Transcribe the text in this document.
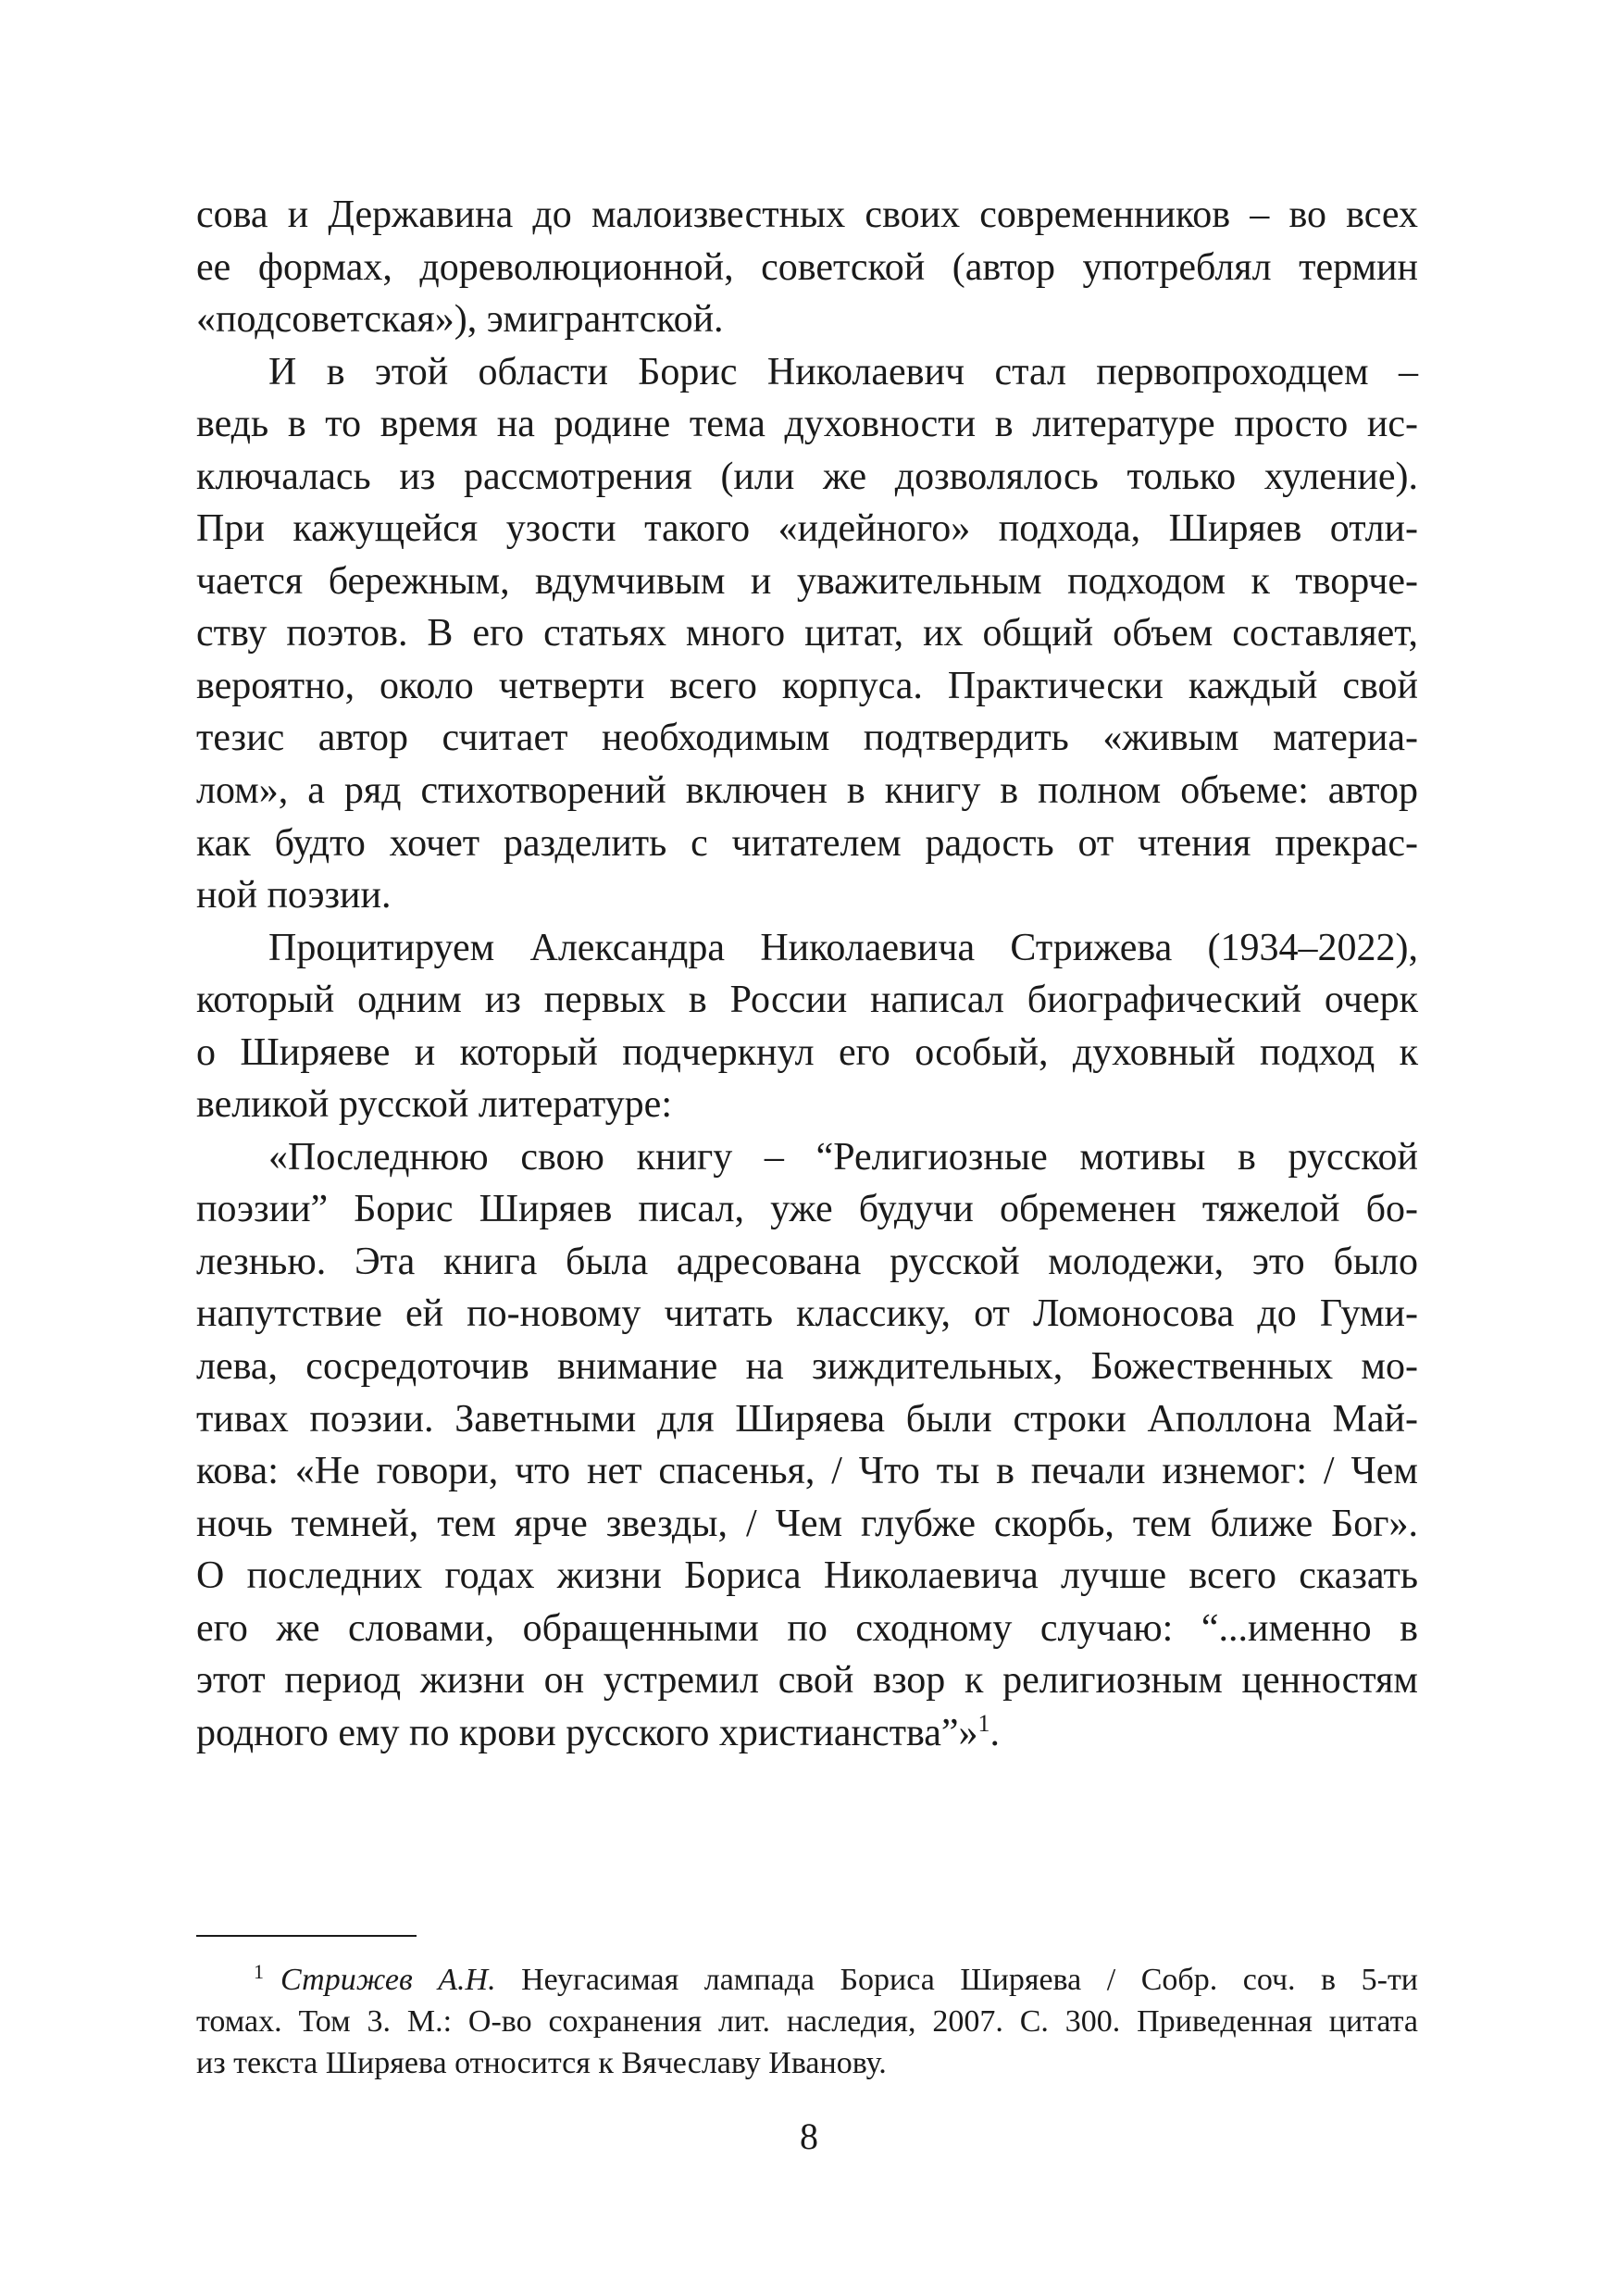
сова и Державина до малоизвестных своих современников – во всех
ее формах, дореволюционной, советской (автор употреблял термин
«подсоветская»), эмигрантской.
И в этой области Борис Николаевич стал первопроходцем –
ведь в то время на родине тема духовности в литературе просто ис-
ключалась из рассмотрения (или же дозволялось только хуление).
При кажущейся узости такого «идейного» подхода, Ширяев отли-
чается бережным, вдумчивым и уважительным подходом к творче-
ству поэтов. В его статьях много цитат, их общий объем составляет,
вероятно, около четверти всего корпуса. Практически каждый свой
тезис автор считает необходимым подтвердить «живым материа-
лом», а ряд стихотворений включен в книгу в полном объеме: автор
как будто хочет разделить с читателем радость от чтения прекрас-
ной поэзии.
Процитируем Александра Николаевича Стрижева (1934–2022),
который одним из первых в России написал биографический очерк
о Ширяеве и который подчеркнул его особый, духовный подход к
великой русской литературе:
«Последнюю свою книгу – “Религиозные мотивы в русской
поэзии” Борис Ширяев писал, уже будучи обременен тяжелой бо-
лезнью. Эта книга была адресована русской молодежи, это было
напутствие ей по-новому читать классику, от Ломоносова до Гуми-
лева, сосредоточив внимание на зиждительных, Божественных мо-
тивах поэзии. Заветными для Ширяева были строки Аполлона Май-
кова: «Не говори, что нет спасенья, / Что ты в печали изнемог: / Чем
ночь темней, тем ярче звезды, / Чем глубже скорбь, тем ближе Бог».
О последних годах жизни Бориса Николаевича лучше всего сказать
его же словами, обращенными по сходному случаю: “...именно в
этот период жизни он устремил свой взор к религиозным ценностям
родного ему по крови русского христианства”»$^1$.
$^1$ Стрижев А.Н. Неугасимая лампада Бориса Ширяева / Собр. соч. в 5-ти
томах. Том 3. М.: О-во сохранения лит. наследия, 2007. С. 300. Приведенная цитата
из текста Ширяева относится к Вячеславу Иванову.
8
